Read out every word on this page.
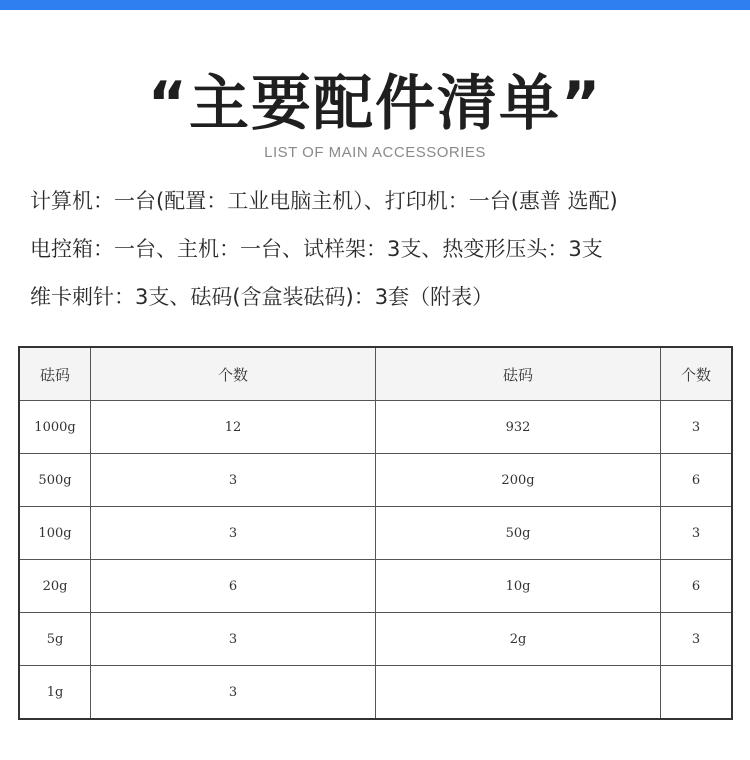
“主要配件清单”
LIST OF MAIN ACCESSORIES
计算机：一台(配置：工业电脑主机）、打印机：一台(惠普 选配)
电控箱：一台、主机：一台、试样架：3支、热变形压头：3支
维卡刺针：3支、砝码(含盒装砝码)：3套（附表）
砝码	个数	砝码	个数
1000g	12	932	3
500g	3	200g	6
100g	3	50g	3
20g	6	10g	6
5g	3	2g	3
1g	3		
